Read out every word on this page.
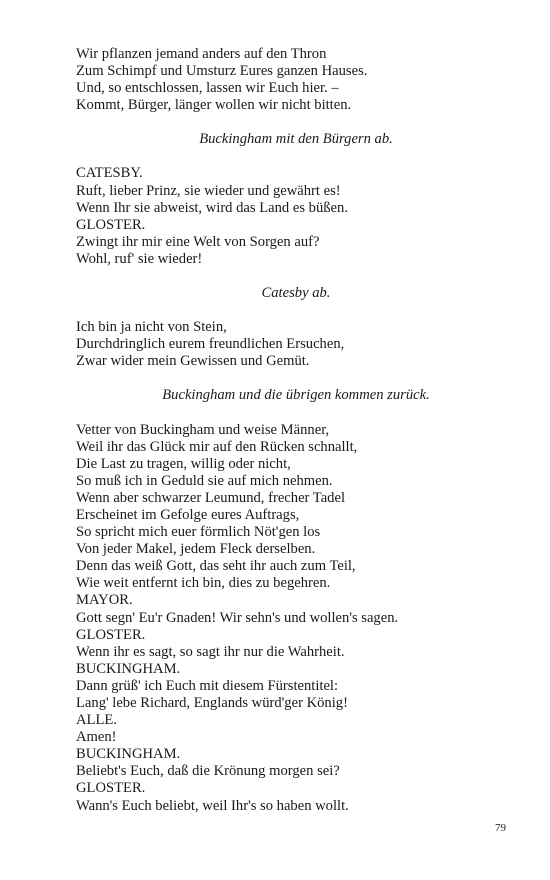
Wir pflanzen jemand anders auf den Thron
Zum Schimpf und Umsturz Eures ganzen Hauses.
Und, so entschlossen, lassen wir Euch hier. –
Kommt, Bürger, länger wollen wir nicht bitten.
Buckingham mit den Bürgern ab.
CATESBY.
Ruft, lieber Prinz, sie wieder und gewährt es!
Wenn Ihr sie abweist, wird das Land es büßen.
GLOSTER.
Zwingt ihr mir eine Welt von Sorgen auf?
Wohl, ruf' sie wieder!
Catesby ab.
Ich bin ja nicht von Stein,
Durchdringlich eurem freundlichen Ersuchen,
Zwar wider mein Gewissen und Gemüt.
Buckingham und die übrigen kommen zurück.
Vetter von Buckingham und weise Männer,
Weil ihr das Glück mir auf den Rücken schnallt,
Die Last zu tragen, willig oder nicht,
So muß ich in Geduld sie auf mich nehmen.
Wenn aber schwarzer Leumund, frecher Tadel
Erscheinet im Gefolge eures Auftrags,
So spricht mich euer förmlich Nöt'gen los
Von jeder Makel, jedem Fleck derselben.
Denn das weiß Gott, das seht ihr auch zum Teil,
Wie weit entfernt ich bin, dies zu begehren.
MAYOR.
Gott segn' Eu'r Gnaden! Wir sehn's und wollen's sagen.
GLOSTER.
Wenn ihr es sagt, so sagt ihr nur die Wahrheit.
BUCKINGHAM.
Dann grüß' ich Euch mit diesem Fürstentitel:
Lang' lebe Richard, Englands würd'ger König!
ALLE.
Amen!
BUCKINGHAM.
Beliebt's Euch, daß die Krönung morgen sei?
GLOSTER.
Wann's Euch beliebt, weil Ihr's so haben wollt.
79
